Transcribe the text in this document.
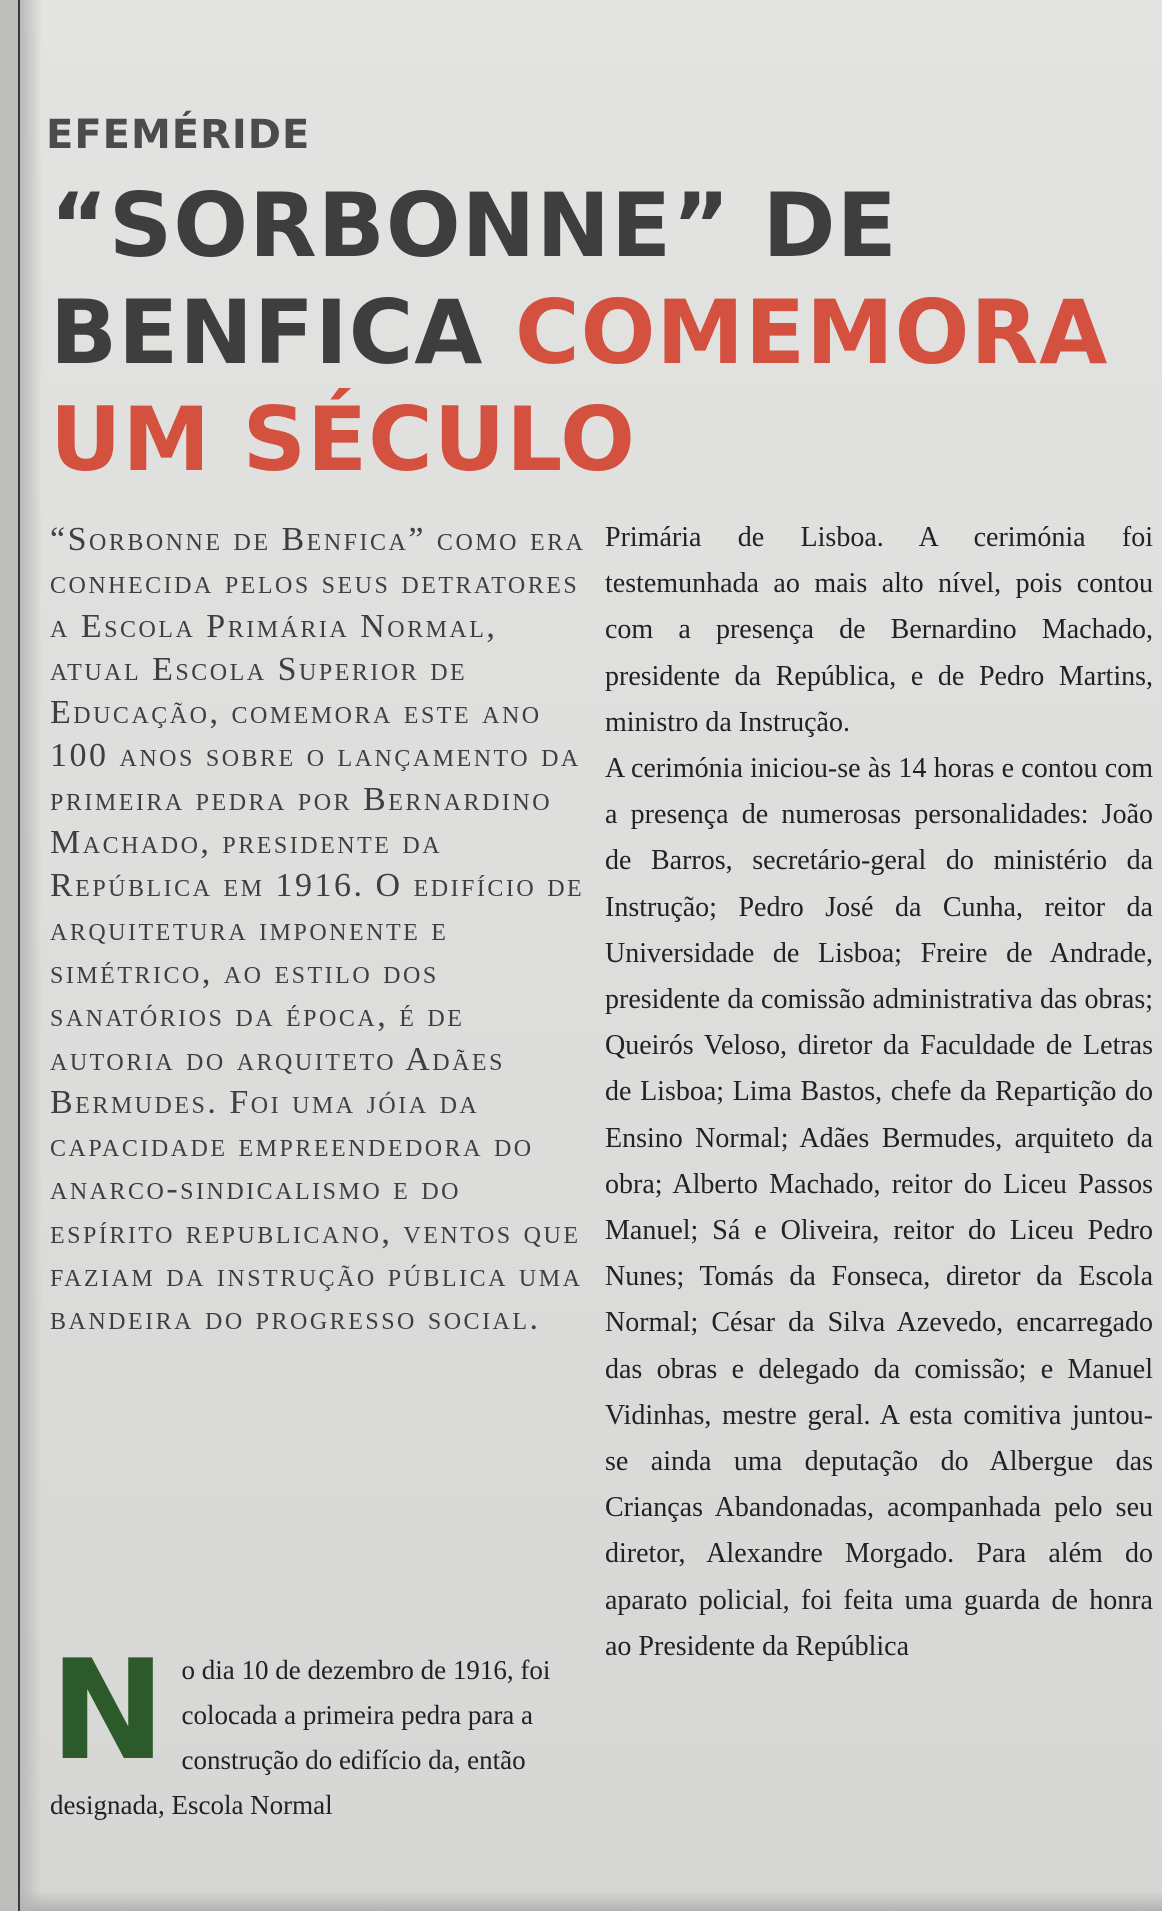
EFEMÉRIDE
“SORBONNE” DE
BENFICA COMEMORA
UM SÉCULO
“Sorbonne de Benfica” como era conhecida pelos seus detratores a Escola Primária Normal, atual Escola Superior de Educação, comemora este ano 100 anos sobre o lançamento da primeira pedra por Bernardino Machado, presidente da República em 1916. O edifício de arquitetura imponente e simétrico, ao estilo dos sanatórios da época, é de autoria do arquiteto Adães Bermudes. Foi uma jóia da capacidade empreendedora do anarco-sindicalismo e do espírito republicano, ventos que faziam da instrução pública uma bandeira do progresso social.
N o dia 10 de dezembro de 1916, foi colocada a primeira pedra para a construção do edifício da, então designada, Escola Normal

Primária de Lisboa. A cerimónia foi testemunhada ao mais alto nível, pois contou com a presença de Bernardino Machado, presidente da República, e de Pedro Martins, ministro da Instrução.

A cerimónia iniciou-se às 14 horas e contou com a presença de numerosas personalidades: João de Barros, secretário-geral do ministério da Instrução; Pedro José da Cunha, reitor da Universidade de Lisboa; Freire de Andrade, presidente da comissão administrativa das obras; Queirós Veloso, diretor da Faculdade de Letras de Lisboa; Lima Bastos, chefe da Repartição do Ensino Normal; Adães Bermudes, arquiteto da obra; Alberto Machado, reitor do Liceu Passos Manuel; Sá e Oliveira, reitor do Liceu Pedro Nunes; Tomás da Fonseca, diretor da Escola Normal; César da Silva Azevedo, encarregado das obras e delegado da comissão; e Manuel Vidinhas, mestre geral. A esta comitiva juntou-se ainda uma deputação do Albergue das Crianças Abandonadas, acompanhada pelo seu diretor, Alexandre Morgado. Para além do aparato policial, foi feita uma guarda de honra ao Presidente da República
